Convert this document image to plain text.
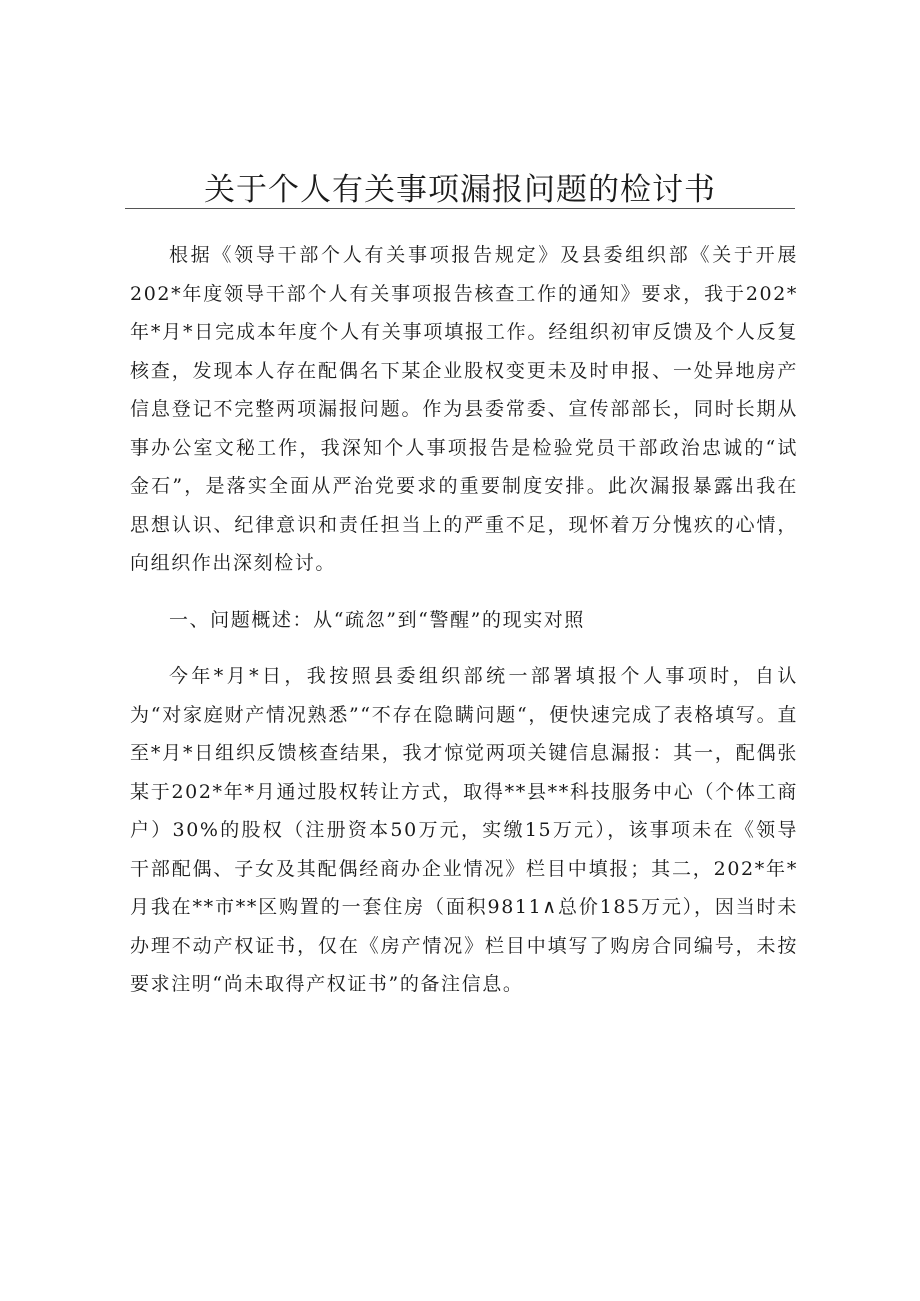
关于个人有关事项漏报问题的检讨书

根据《领导干部个人有关事项报告规定》及县委组织部《关于开展202*年度领导干部个人有关事项报告核查工作的通知》要求，我于202*年*月*日完成本年度个人有关事项填报工作。经组织初审反馈及个人反复核查，发现本人存在配偶名下某企业股权变更未及时申报、一处异地房产信息登记不完整两项漏报问题。作为县委常委、宣传部部长，同时长期从事办公室文秘工作，我深知个人事项报告是检验党员干部政治忠诚的“试金石”，是落实全面从严治党要求的重要制度安排。此次漏报暴露出我在思想认识、纪律意识和责任担当上的严重不足，现怀着万分愧疚的心情，向组织作出深刻检讨。

一、问题概述：从“疏忽”到“警醒”的现实对照

今年*月*日，我按照县委组织部统一部署填报个人事项时，自认为“对家庭财产情况熟悉”“不存在隐瞒问题“，便快速完成了表格填写。直至*月*日组织反馈核查结果，我才惊觉两项关键信息漏报：其一，配偶张某于202*年*月通过股权转让方式，取得**县**科技服务中心（个体工商户）30%的股权（注册资本50万元，实缴15万元），该事项未在《领导干部配偶、子女及其配偶经商办企业情况》栏目中填报；其二，202*年*月我在**市**区购置的一套住房（面积9811∧总价185万元），因当时未办理不动产权证书，仅在《房产情况》栏目中填写了购房合同编号，未按要求注明“尚未取得产权证书”的备注信息。
